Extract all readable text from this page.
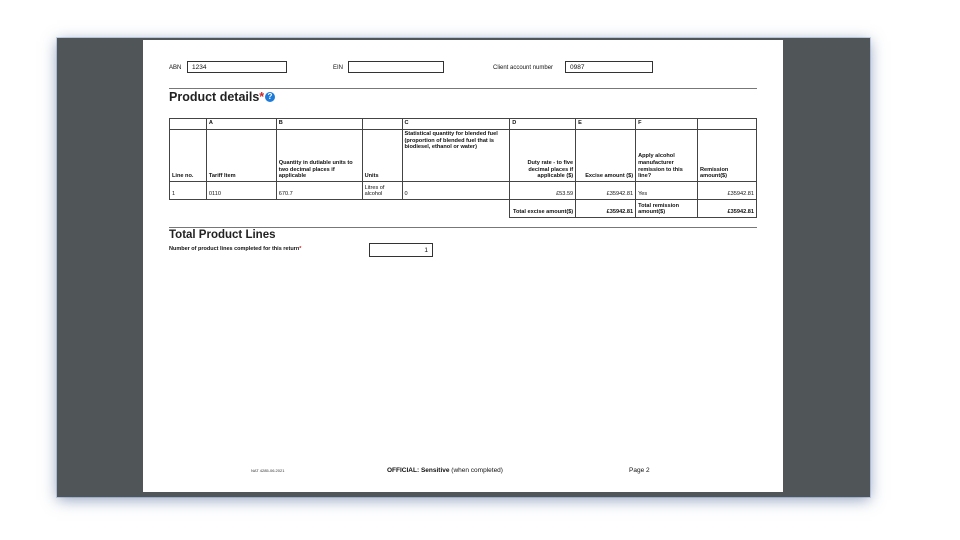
ABN	1234	EIN	Client account number	0987
Product details* ?
	A	B		C	D	E	F	
Line no.	Tariff Item	Quantity in dutiable units to two decimal places if applicable	Units	Statistical quantity for blended fuel (proportion of blended fuel that is biodiesel, ethanol or water)	Duty rate - to five decimal places if applicable ($)	Excise amount ($)	Apply alcohol manufacturer remission to this line?	Remission amount($)
1	0110	670.7	Litres of alcohol	0	£53.59	£35942.81	Yes	£35942.81
					Total excise amount($)	£35942.81	Total remission amount($)	£35942.81
Total Product Lines
Number of product lines completed for this return*	1
NAT 4285-06.2021	OFFICIAL: Sensitive (when completed)	Page 2
